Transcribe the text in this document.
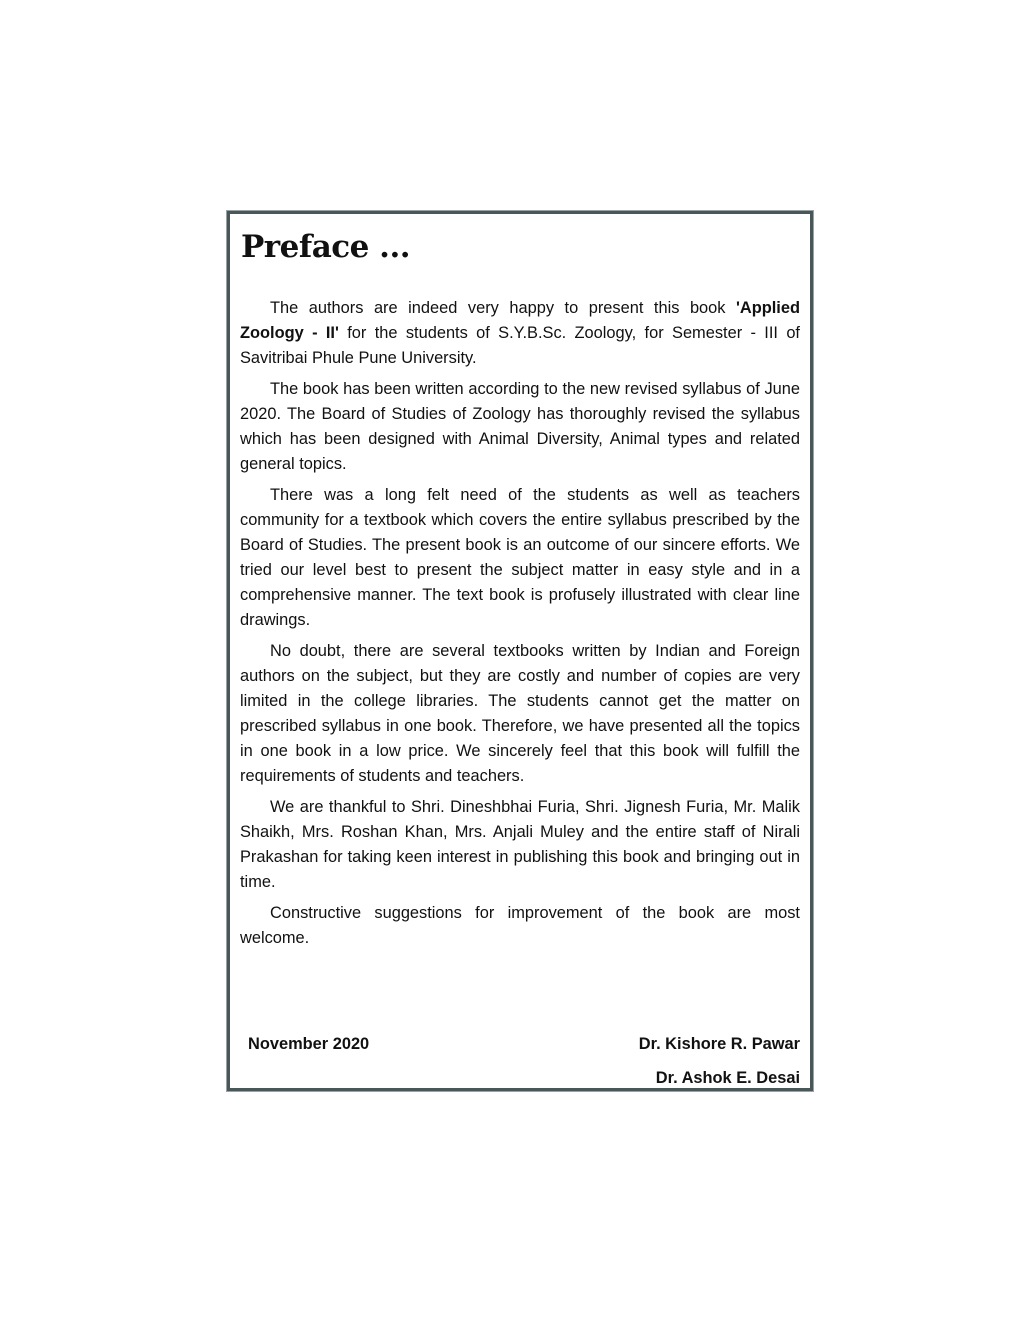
Preface ...

The authors are indeed very happy to present this book 'Applied Zoology - II' for the students of S.Y.B.Sc. Zoology, for Semester - III of Savitribai Phule Pune University.

The book has been written according to the new revised syllabus of June 2020. The Board of Studies of Zoology has thoroughly revised the syllabus which has been designed with Animal Diversity, Animal types and related general topics.

There was a long felt need of the students as well as teachers community for a textbook which covers the entire syllabus prescribed by the Board of Studies. The present book is an outcome of our sincere efforts. We tried our level best to present the subject matter in easy style and in a comprehensive manner. The text book is profusely illustrated with clear line drawings.

No doubt, there are several textbooks written by Indian and Foreign authors on the subject, but they are costly and number of copies are very limited in the college libraries. The students cannot get the matter on prescribed syllabus in one book. Therefore, we have presented all the topics in one book in a low price. We sincerely feel that this book will fulfill the requirements of students and teachers.

We are thankful to Shri. Dineshbhai Furia, Shri. Jignesh Furia, Mr. Malik Shaikh, Mrs. Roshan Khan, Mrs. Anjali Muley and the entire staff of Nirali Prakashan for taking keen interest in publishing this book and bringing out in time.

Constructive suggestions for improvement of the book are most welcome.

November 2020	Dr. Kishore R. Pawar
Dr. Ashok E. Desai
